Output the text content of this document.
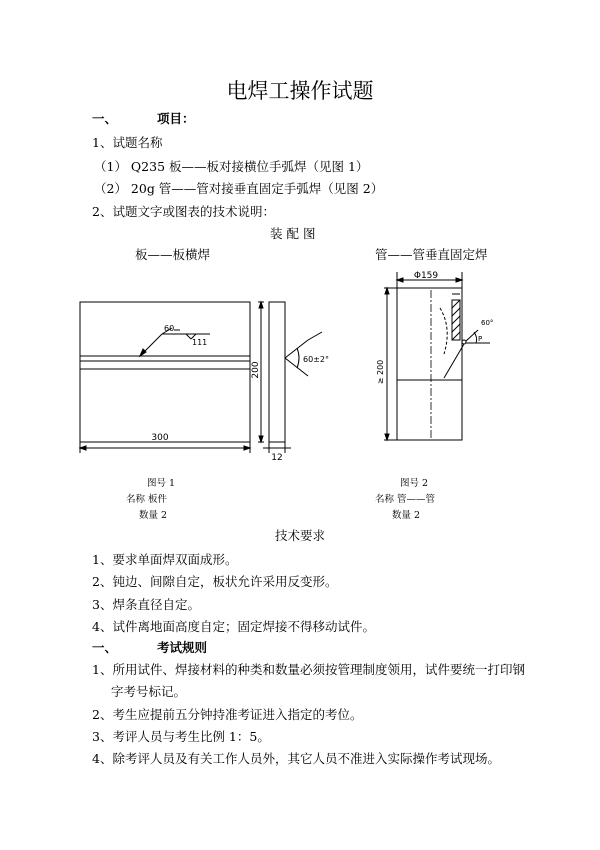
电焊工操作试题
一、	项目：
1、试题名称
（1） Q235 板——板对接横位手弧焊（见图 1）
（2） 20g 管——管对接垂直固定手弧焊（见图 2）
2、试题文字或图表的技术说明：
装 配 图
板——板横焊	管——管垂直固定焊
300
200
12
60
111
60±2°
Φ159
≥ 200
60°
P
图号 1
名称 板件
数量 2
图号 2
名称 管——管
数量 2
技术要求
1、要求单面焊双面成形。
2、钝边、间隙自定，板状允许采用反变形。
3、焊条直径自定。
4、试件离地面高度自定；固定焊接不得移动试件。
一、	考试规则
1、所用试件、焊接材料的种类和数量必须按管理制度领用，试件要统一打印钢
字考号标记。
2、考生应提前五分钟持准考证进入指定的考位。
3、考评人员与考生比例 1：5。
4、除考评人员及有关工作人员外，其它人员不准进入实际操作考试现场。
